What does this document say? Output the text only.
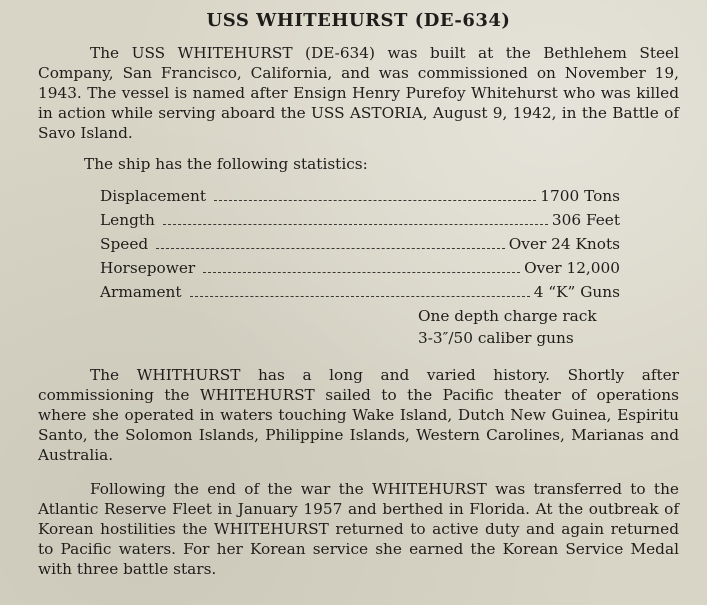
USS WHITEHURST (DE-634)

The USS WHITEHURST (DE-634) was built at the Bethlehem Steel Company, San Francisco, California, and was commissioned on November 19, 1943. The vessel is named after Ensign Henry Purefoy Whitehurst who was killed in action while serving aboard the USS ASTORIA, August 9, 1942, in the Battle of Savo Island.

The ship has the following statistics:
Displacement	1700 Tons
Length	306 Feet
Speed	Over 24 Knots
Horsepower	Over 12,000
Armament	4 “K” Guns
One depth charge rack
3-3″/50 caliber guns

The WHITHURST has a long and varied history. Shortly after commissioning the WHITEHURST sailed to the Pacific theater of operations where she operated in waters touching Wake Island, Dutch New Guinea, Espiritu Santo, the Solomon Islands, Philippine Islands, Western Carolines, Marianas and Australia.

Following the end of the war the WHITEHURST was transferred to the Atlantic Reserve Fleet in January 1957 and berthed in Florida. At the outbreak of Korean hostilities the WHITEHURST returned to active duty and again returned to Pacific waters. For her Korean service she earned the Korean Service Medal with three battle stars.
